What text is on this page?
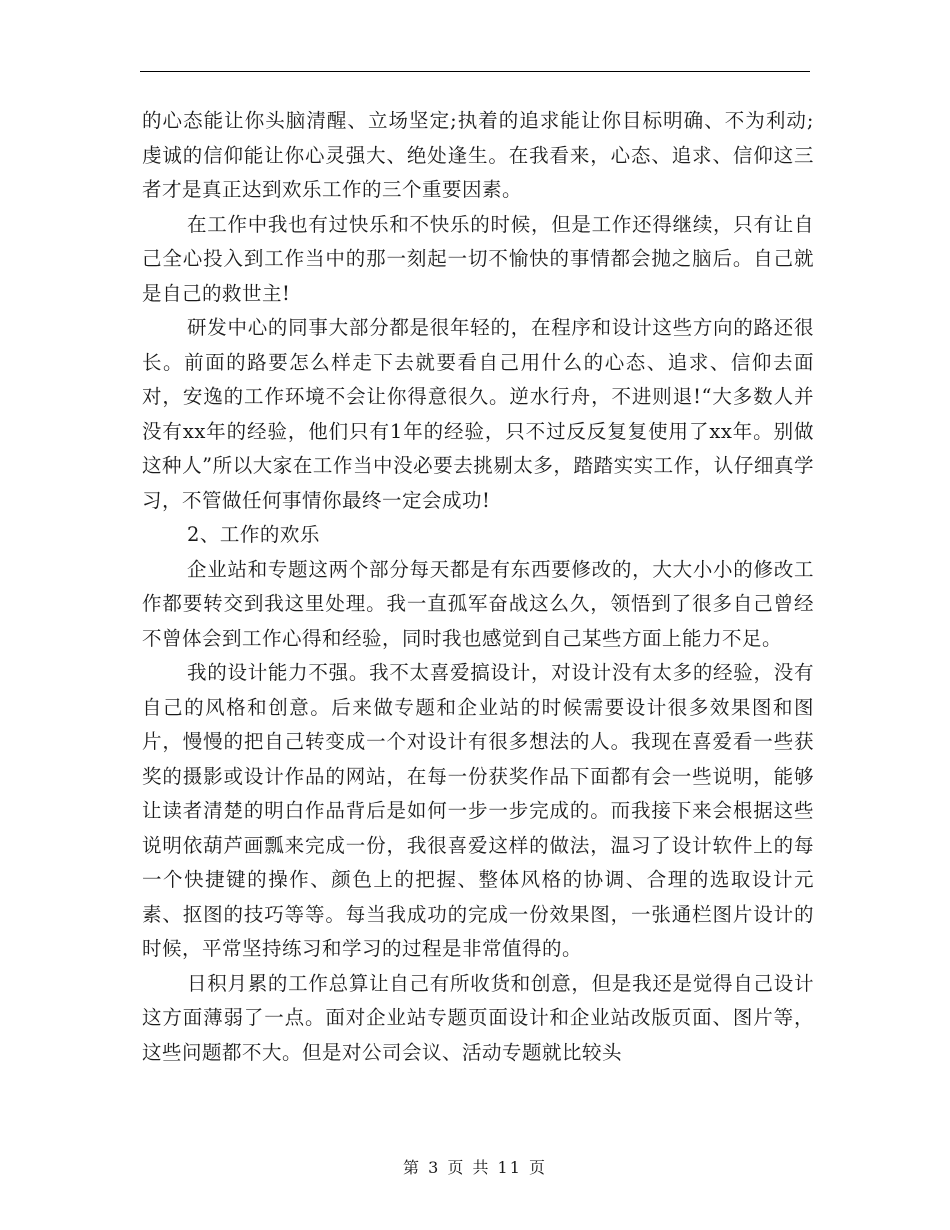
的心态能让你头脑清醒、立场坚定;执着的追求能让你目标明确、不为利动;虔诚的信仰能让你心灵强大、绝处逢生。在我看来，心态、追求、信仰这三者才是真正达到欢乐工作的三个重要因素。

在工作中我也有过快乐和不快乐的时候，但是工作还得继续，只有让自己全心投入到工作当中的那一刻起一切不愉快的事情都会抛之脑后。自己就是自己的救世主!

研发中心的同事大部分都是很年轻的，在程序和设计这些方向的路还很长。前面的路要怎么样走下去就要看自己用什么的心态、追求、信仰去面对，安逸的工作环境不会让你得意很久。逆水行舟，不进则退!“大多数人并没有xx年的经验，他们只有1年的经验，只不过反反复复使用了xx年。别做这种人”所以大家在工作当中没必要去挑剔太多，踏踏实实工作，认仔细真学习，不管做任何事情你最终一定会成功!

2、工作的欢乐

企业站和专题这两个部分每天都是有东西要修改的，大大小小的修改工作都要转交到我这里处理。我一直孤军奋战这么久，领悟到了很多自己曾经不曾体会到工作心得和经验，同时我也感觉到自己某些方面上能力不足。

我的设计能力不强。我不太喜爱搞设计，对设计没有太多的经验，没有自己的风格和创意。后来做专题和企业站的时候需要设计很多效果图和图片，慢慢的把自己转变成一个对设计有很多想法的人。我现在喜爱看一些获奖的摄影或设计作品的网站，在每一份获奖作品下面都有会一些说明，能够让读者清楚的明白作品背后是如何一步一步完成的。而我接下来会根据这些说明依葫芦画瓢来完成一份，我很喜爱这样的做法，温习了设计软件上的每一个快捷键的操作、颜色上的把握、整体风格的协调、合理的选取设计元素、抠图的技巧等等。每当我成功的完成一份效果图，一张通栏图片设计的时候，平常坚持练习和学习的过程是非常值得的。

日积月累的工作总算让自己有所收货和创意，但是我还是觉得自己设计这方面薄弱了一点。面对企业站专题页面设计和企业站改版页面、图片等，这些问题都不大。但是对公司会议、活动专题就比较头

第 3 页 共 11 页
